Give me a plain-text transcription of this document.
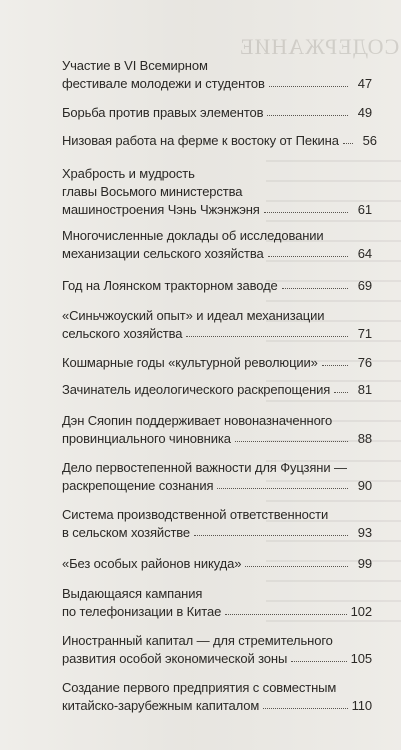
СОДЕРЖАНИЕ
Участие в VI Всемирном
фестивале молодежи и студентов	47
Борьба против правых элементов	49
Низовая работа на ферме к востоку от Пекина	56
Храбрость и мудрость
главы Восьмого министерства
машиностроения Чэнь Чжэнжэня	61
Многочисленные доклады об исследовании
механизации сельского хозяйства	64
Год на Лоянском тракторном заводе	69
«Синьчжоуский опыт» и идеал механизации
сельского хозяйства	71
Кошмарные годы «культурной революции»	76
Зачинатель идеологического раскрепощения	81
Дэн Сяопин поддерживает новоназначенного
провинциального чиновника	88
Дело первостепенной важности для Фуцзяни —
раскрепощение сознания	90
Система производственной ответственности
в сельском хозяйстве	93
«Без особых районов никуда»	99
Выдающаяся кампания
по телефонизации в Китае	102
Иностранный капитал — для стремительного
развития особой экономической зоны	105
Создание первого предприятия с совместным
китайско-зарубежным капиталом	110
